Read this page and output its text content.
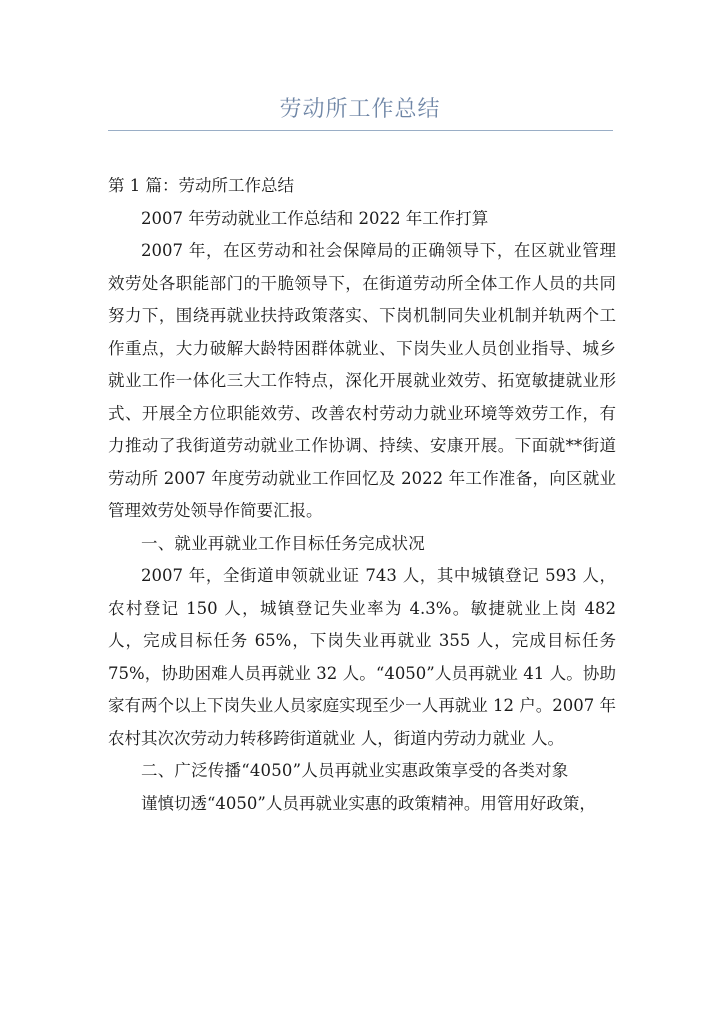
劳动所工作总结

第 1 篇：劳动所工作总结

2007 年劳动就业工作总结和 2022 年工作打算

2007 年，在区劳动和社会保障局的正确领导下，在区就业管理效劳处各职能部门的干脆领导下，在街道劳动所全体工作人员的共同努力下，围绕再就业扶持政策落实、下岗机制同失业机制并轨两个工作重点，大力破解大龄特困群体就业、下岗失业人员创业指导、城乡就业工作一体化三大工作特点，深化开展就业效劳、拓宽敏捷就业形式、开展全方位职能效劳、改善农村劳动力就业环境等效劳工作，有力推动了我街道劳动就业工作协调、持续、安康开展。下面就**街道劳动所 2007 年度劳动就业工作回忆及 2022 年工作准备，向区就业管理效劳处领导作简要汇报。

一、就业再就业工作目标任务完成状况

2007 年，全街道申领就业证 743 人，其中城镇登记 593 人，农村登记 150 人，城镇登记失业率为 4.3%。敏捷就业上岗 482 人，完成目标任务 65%，下岗失业再就业 355 人，完成目标任务 75%，协助困难人员再就业 32 人。“4050”人员再就业 41 人。协助家有两个以上下岗失业人员家庭实现至少一人再就业 12 户。2007 年农村其次次劳动力转移跨街道就业 人，街道内劳动力就业 人。

二、广泛传播“4050”人员再就业实惠政策享受的各类对象

谨慎切透“4050”人员再就业实惠的政策精神。用管用好政策，
